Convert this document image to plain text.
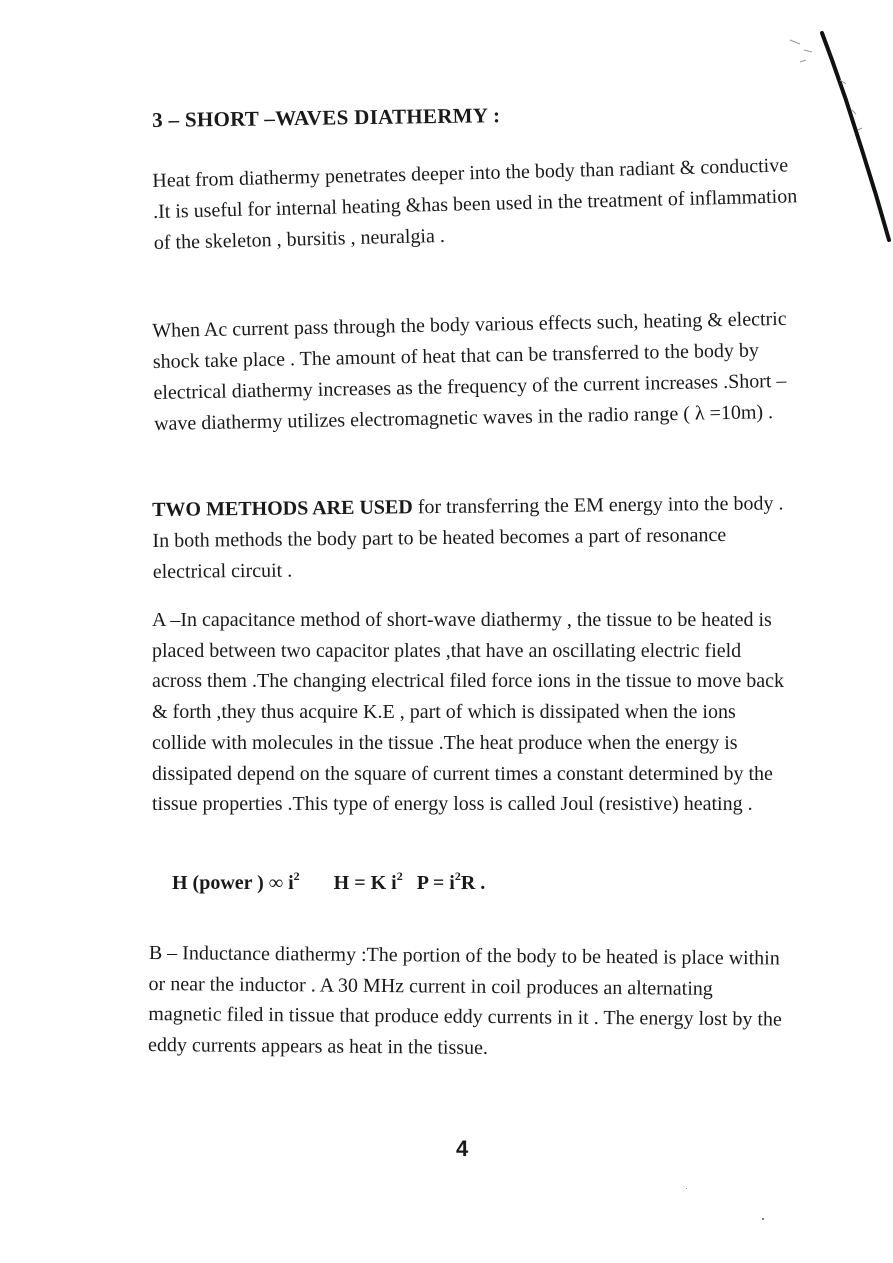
3 – SHORT –WAVES DIATHERMY :

Heat from diathermy penetrates deeper into the body than radiant & conductive .It is useful for internal heating &has been used in the treatment of inflammation of the skeleton , bursitis , neuralgia .

When Ac current pass through the body various effects such, heating & electric shock take place . The amount of heat that can be transferred to the body by electrical diathermy increases as the frequency of the current increases .Short –wave diathermy utilizes electromagnetic waves in the radio range ( λ =10m) .

TWO METHODS ARE USED for transferring the EM energy into the body . In both methods the body part to be heated becomes a part of resonance electrical circuit .

A –In capacitance method of short-wave diathermy , the tissue to be heated is placed between two capacitor plates ,that have an oscillating electric field across them .The changing electrical filed force ions in the tissue to move back & forth ,they thus acquire K.E , part of which is dissipated when the ions collide with molecules in the tissue .The heat produce when the energy is dissipated depend on the square of current times a constant determined by the tissue properties .This type of energy loss is called Joul (resistive) heating .

H (power ) ∞ $i^2$ H = K $i^2$ $P = i^2R$ .

B – Inductance diathermy :The portion of the body to be heated is place within or near the inductor . A 30 MHz current in coil produces an alternating magnetic filed in tissue that produce eddy currents in it . The energy lost by the eddy currents appears as heat in the tissue.

4
